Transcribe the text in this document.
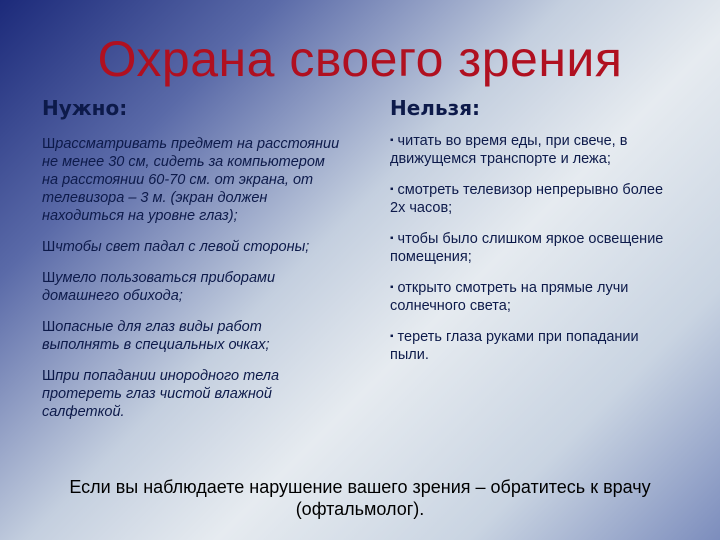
Охрана своего зрения
Нужно:	Нельзя:
Шрассматривать предмет на расстоянии не менее 30 см, сидеть за компьютером на расстоянии 60-70 см. от экрана, от телевизора – 3 м. (экран должен находиться на уровне глаз);
Шчтобы свет падал с левой стороны;
Шумело пользоваться приборами домашнего обихода;
Шопасные для глаз виды работ выполнять в специальных очках;
Шпри попадании инородного тела протереть глаз чистой влажной салфеткой.
▪ читать во время еды, при свече, в движущемся транспорте и лежа;
▪ смотреть телевизор непрерывно более 2х часов;
▪ чтобы было слишком яркое освещение помещения;
▪ открыто смотреть на прямые лучи солнечного света;
▪ тереть глаза руками при попадании пыли.
Если вы наблюдаете нарушение вашего зрения – обратитесь к врачу (офтальмолог).
